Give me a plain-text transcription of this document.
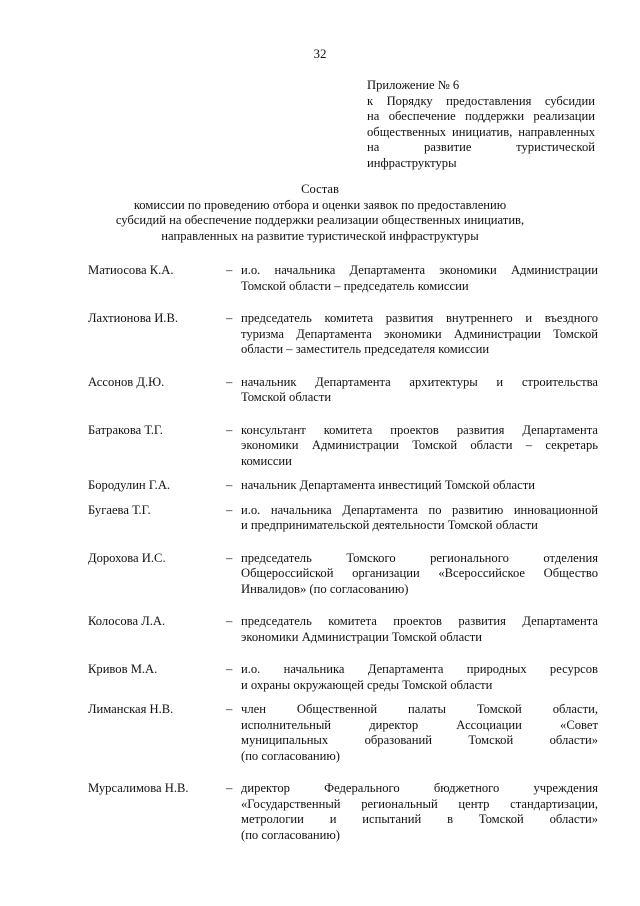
32
Приложение № 6
к Порядку предоставления субсидии
на обеспечение поддержки реализации
общественных инициатив, направленных
на развитие туристической
инфраструктуры
Состав
комиссии по проведению отбора и оценки заявок по предоставлению
субсидий на обеспечение поддержки реализации общественных инициатив,
направленных на развитие туристической инфраструктуры
Матиосова К.А.	– и.о. начальника Департамента экономики Администрации
Томской области – председатель комиссии
Лахтионова И.В.	– председатель комитета развития внутреннего и въездного
туризма Департамента экономики Администрации Томской
области – заместитель председателя комиссии
Ассонов Д.Ю.	– начальник Департамента архитектуры и строительства
Томской области
Батракова Т.Г.	– консультант комитета проектов развития Департамента
экономики Администрации Томской области – секретарь
комиссии
Бородулин Г.А.	– начальник Департамента инвестиций Томской области
Бугаева Т.Г.	– и.о. начальника Департамента по развитию инновационной
и предпринимательской деятельности Томской области
Дорохова И.С.	– председатель Томского регионального отделения
Общероссийской организации «Всероссийское Общество
Инвалидов» (по согласованию)
Колосова Л.А.	– председатель комитета проектов развития Департамента
экономики Администрации Томской области
Кривов М.А.	– и.о. начальника Департамента природных ресурсов
и охраны окружающей среды Томской области
Лиманская Н.В.	– член Общественной палаты Томской области,
исполнительный директор Ассоциации «Совет
муниципальных образований Томской области»
(по согласованию)
Мурсалимова Н.В.	– директор Федерального бюджетного учреждения
«Государственный региональный центр стандартизации,
метрологии и испытаний в Томской области»
(по согласованию)
